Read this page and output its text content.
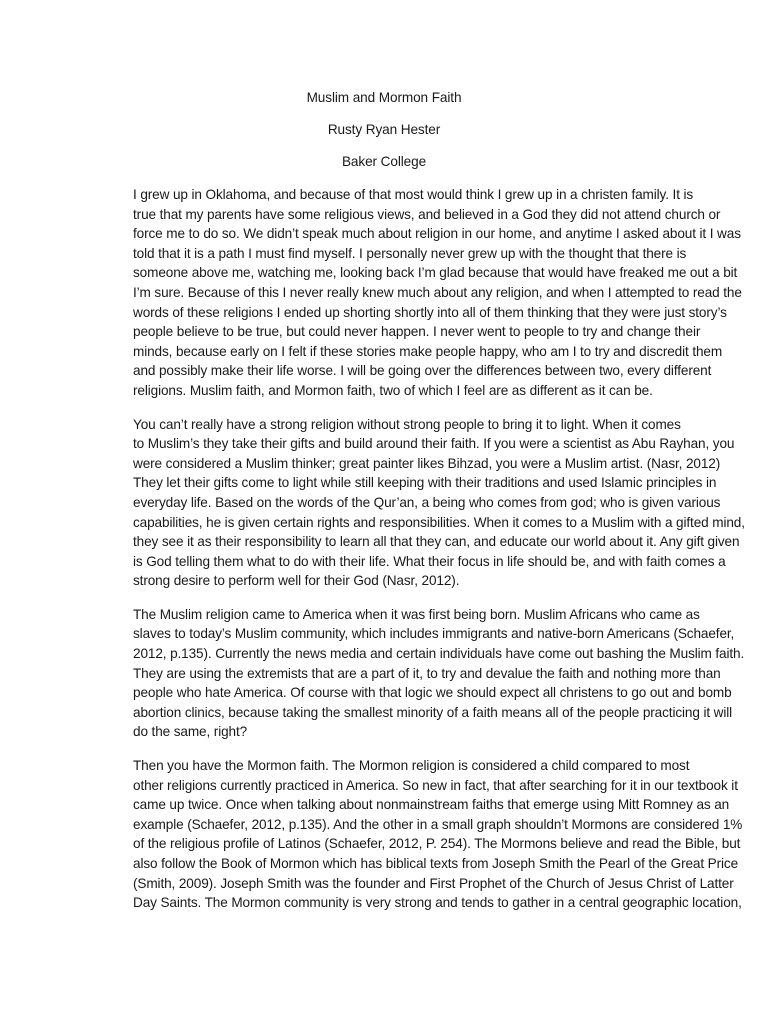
Muslim and Mormon Faith
Rusty Ryan Hester
Baker College

I grew up in Oklahoma, and because of that most would think I grew up in a christen family. It is
true that my parents have some religious views, and believed in a God they did not attend church or
force me to do so. We didn’t speak much about religion in our home, and anytime I asked about it I was
told that it is a path I must find myself. I personally never grew up with the thought that there is
someone above me, watching me, looking back I’m glad because that would have freaked me out a bit
I’m sure. Because of this I never really knew much about any religion, and when I attempted to read the
words of these religions I ended up shorting shortly into all of them thinking that they were just story’s
people believe to be true, but could never happen. I never went to people to try and change their
minds, because early on I felt if these stories make people happy, who am I to try and discredit them
and possibly make their life worse. I will be going over the differences between two, every different
religions. Muslim faith, and Mormon faith, two of which I feel are as different as it can be.

You can’t really have a strong religion without strong people to bring it to light. When it comes
to Muslim’s they take their gifts and build around their faith. If you were a scientist as Abu Rayhan, you
were considered a Muslim thinker; great painter likes Bihzad, you were a Muslim artist. (Nasr, 2012)
They let their gifts come to light while still keeping with their traditions and used Islamic principles in
everyday life. Based on the words of the Qur’an, a being who comes from god; who is given various
capabilities, he is given certain rights and responsibilities. When it comes to a Muslim with a gifted mind,
they see it as their responsibility to learn all that they can, and educate our world about it. Any gift given
is God telling them what to do with their life. What their focus in life should be, and with faith comes a
strong desire to perform well for their God (Nasr, 2012).

The Muslim religion came to America when it was first being born. Muslim Africans who came as
slaves to today’s Muslim community, which includes immigrants and native-born Americans (Schaefer,
2012, p.135). Currently the news media and certain individuals have come out bashing the Muslim faith.
They are using the extremists that are a part of it, to try and devalue the faith and nothing more than
people who hate America. Of course with that logic we should expect all christens to go out and bomb
abortion clinics, because taking the smallest minority of a faith means all of the people practicing it will
do the same, right?

Then you have the Mormon faith. The Mormon religion is considered a child compared to most
other religions currently practiced in America. So new in fact, that after searching for it in our textbook it
came up twice. Once when talking about nonmainstream faiths that emerge using Mitt Romney as an
example (Schaefer, 2012, p.135). And the other in a small graph shouldn’t Mormons are considered 1%
of the religious profile of Latinos (Schaefer, 2012, P. 254). The Mormons believe and read the Bible, but
also follow the Book of Mormon which has biblical texts from Joseph Smith the Pearl of the Great Price
(Smith, 2009). Joseph Smith was the founder and First Prophet of the Church of Jesus Christ of Latter
Day Saints. The Mormon community is very strong and tends to gather in a central geographic location,
